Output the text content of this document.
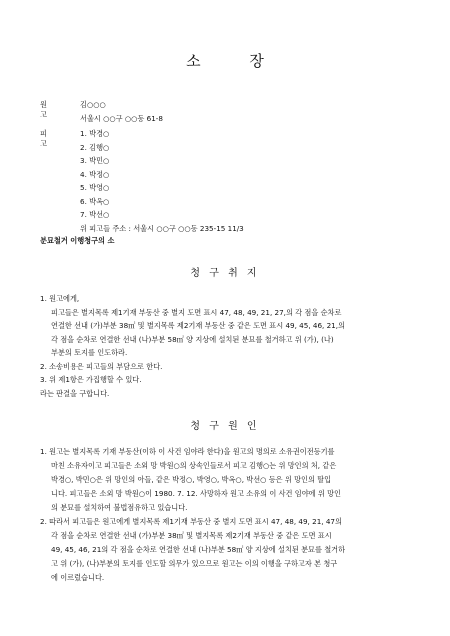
소 장
원 고
김○○○
서울시 ○○구 ○○동 61-8
피 고
1. 박경○
2. 김행○
3. 박민○
4. 박정○
5. 박영○
6. 박옥○
7. 박선○
위 피고들 주소 : 서울시 ○○구 ○○동 235-15 11/3
분묘철거 이행청구의 소
청 구 취 지
1. 원고에게,
피고들은 별지목록 제1기재 부동산 중 별지 도면 표시 47, 48, 49, 21, 27,의 각 점을 순차로
연결한 선내 (가)부분 38㎡ 및 별지목록 제2기재 부동산 중 같은 도면 표시 49, 45, 46, 21,의
각 점을 순차로 연결한 선내 (나)부분 58㎡ 양 지상에 설치된 분묘를 철거하고 위 (가), (나)
부분의 토지를 인도하라.
2. 소송비용은 피고들의 부담으로 한다.
3. 위 제1항은 가집행할 수 있다.
라는 판결을 구합니다.
청 구 원 인
1. 원고는 별지목록 기재 부동산(이하 이 사건 임야라 한다)을 원고의 명의로 소유권이전등기를
마친 소유자이고 피고들은 소외 망 박원○의 상속인들로서 피고 김행○는 위 망인의 처, 같은
박경○, 박민○은 위 망인의 아들, 같은 박정○, 박영○, 박옥○, 박선○ 등은 위 망인의 딸입
니다. 피고들은 소외 망 박원○이 1980. 7. 12. 사망하자 원고 소유의 이 사건 임야에 위 망인
의 분묘를 설치하여 불법점유하고 있습니다.
2. 따라서 피고들은 원고에게 별지목록 제1기재 부동산 중 별지 도면 표시 47, 48, 49, 21, 47의
각 점을 순차로 연결한 선내 (가)부분 38㎡ 및 별지목록 제2기재 부동산 중 같은 도면 표시
49, 45, 46, 21의 각 점을 순차로 연결한 선내 (나)부분 58㎡ 양 지상에 설치된 분묘를 철거하
고 위 (가), (나)부분의 토지를 인도할 의무가 있으므로 원고는 이의 이행을 구하고자 본 청구
에 이르렀습니다.
